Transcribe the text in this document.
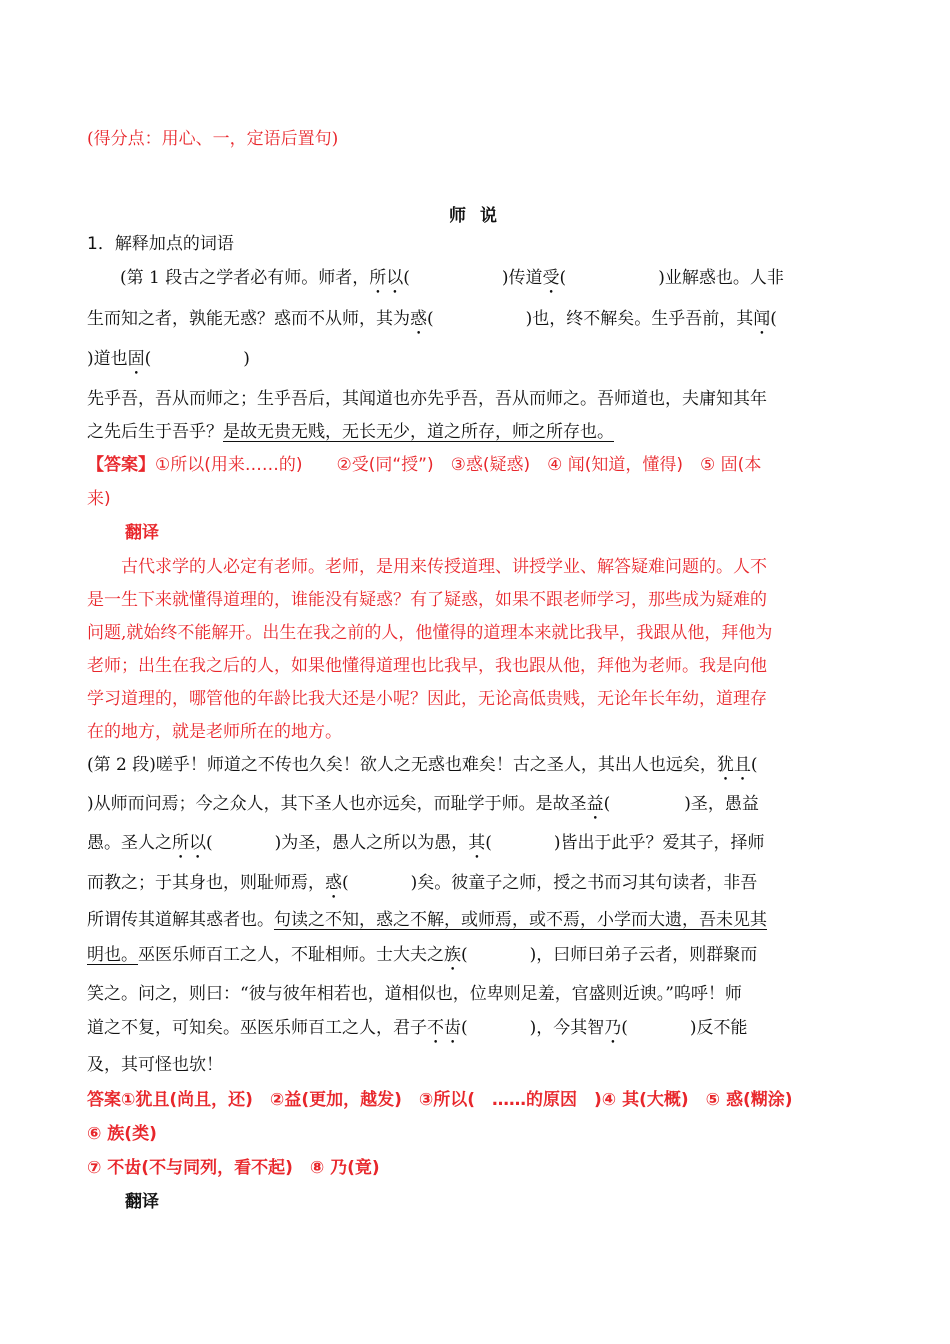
(得分点：用心、一，定语后置句)
师 说
1．解释加点的词语
(第 1 段古之学者必有师。师者，所以(	)传道受(	)业解惑也。人非
生而知之者，孰能无惑？惑而不从师，其为惑(	)也，终不解矣。生乎吾前，其闻(
)道也固(	)
先乎吾，吾从而师之；生乎吾后，其闻道也亦先乎吾，吾从而师之。吾师道也，夫庸知其年
之先后生于吾乎？是故无贵无贱，无长无少，道之所存，师之所存也。
【答案】①所以(用来……的)　　②受(同“授”)　③惑(疑惑)　④ 闻(知道，懂得)　⑤ 固(本
来)
翻译
　　古代求学的人必定有老师。老师，是用来传授道理、讲授学业、解答疑难问题的。人不
是一生下来就懂得道理的，谁能没有疑惑？有了疑惑，如果不跟老师学习，那些成为疑难的
问题,就始终不能解开。出生在我之前的人，他懂得的道理本来就比我早，我跟从他，拜他为
老师；出生在我之后的人，如果他懂得道理也比我早，我也跟从他，拜他为老师。我是向他
学习道理的，哪管他的年龄比我大还是小呢？因此，无论高低贵贱，无论年长年幼，道理存
在的地方，就是老师所在的地方。
(第 2 段)嗟乎！师道之不传也久矣！欲人之无惑也难矣！古之圣人，其出人也远矣，犹且(
)从师而问焉；今之众人，其下圣人也亦远矣，而耻学于师。是故圣益(	)圣，愚益
愚。圣人之所以(	)为圣，愚人之所以为愚，其(	)皆出于此乎？爱其子，择师
而教之；于其身也，则耻师焉，惑(	)矣。彼童子之师，授之书而习其句读者，非吾
所谓传其道解其惑者也。句读之不知，惑之不解，或师焉，或不焉，小学而大遗，吾未见其
明也。巫医乐师百工之人，不耻相师。士大夫之族(	)，曰师曰弟子云者，则群聚而
笑之。问之，则曰：“彼与彼年相若也，道相似也，位卑则足羞，官盛则近谀。”呜呼！师
道之不复，可知矣。巫医乐师百工之人，君子不齿(	)，今其智乃(	)反不能
及，其可怪也欤！
答案①犹且(尚且，还)　②益(更加，越发)　③所以(　……的原因　)④ 其(大概)　⑤ 惑(糊涂)
⑥ 族(类)
⑦ 不齿(不与同列，看不起)　⑧ 乃(竟)
翻译
